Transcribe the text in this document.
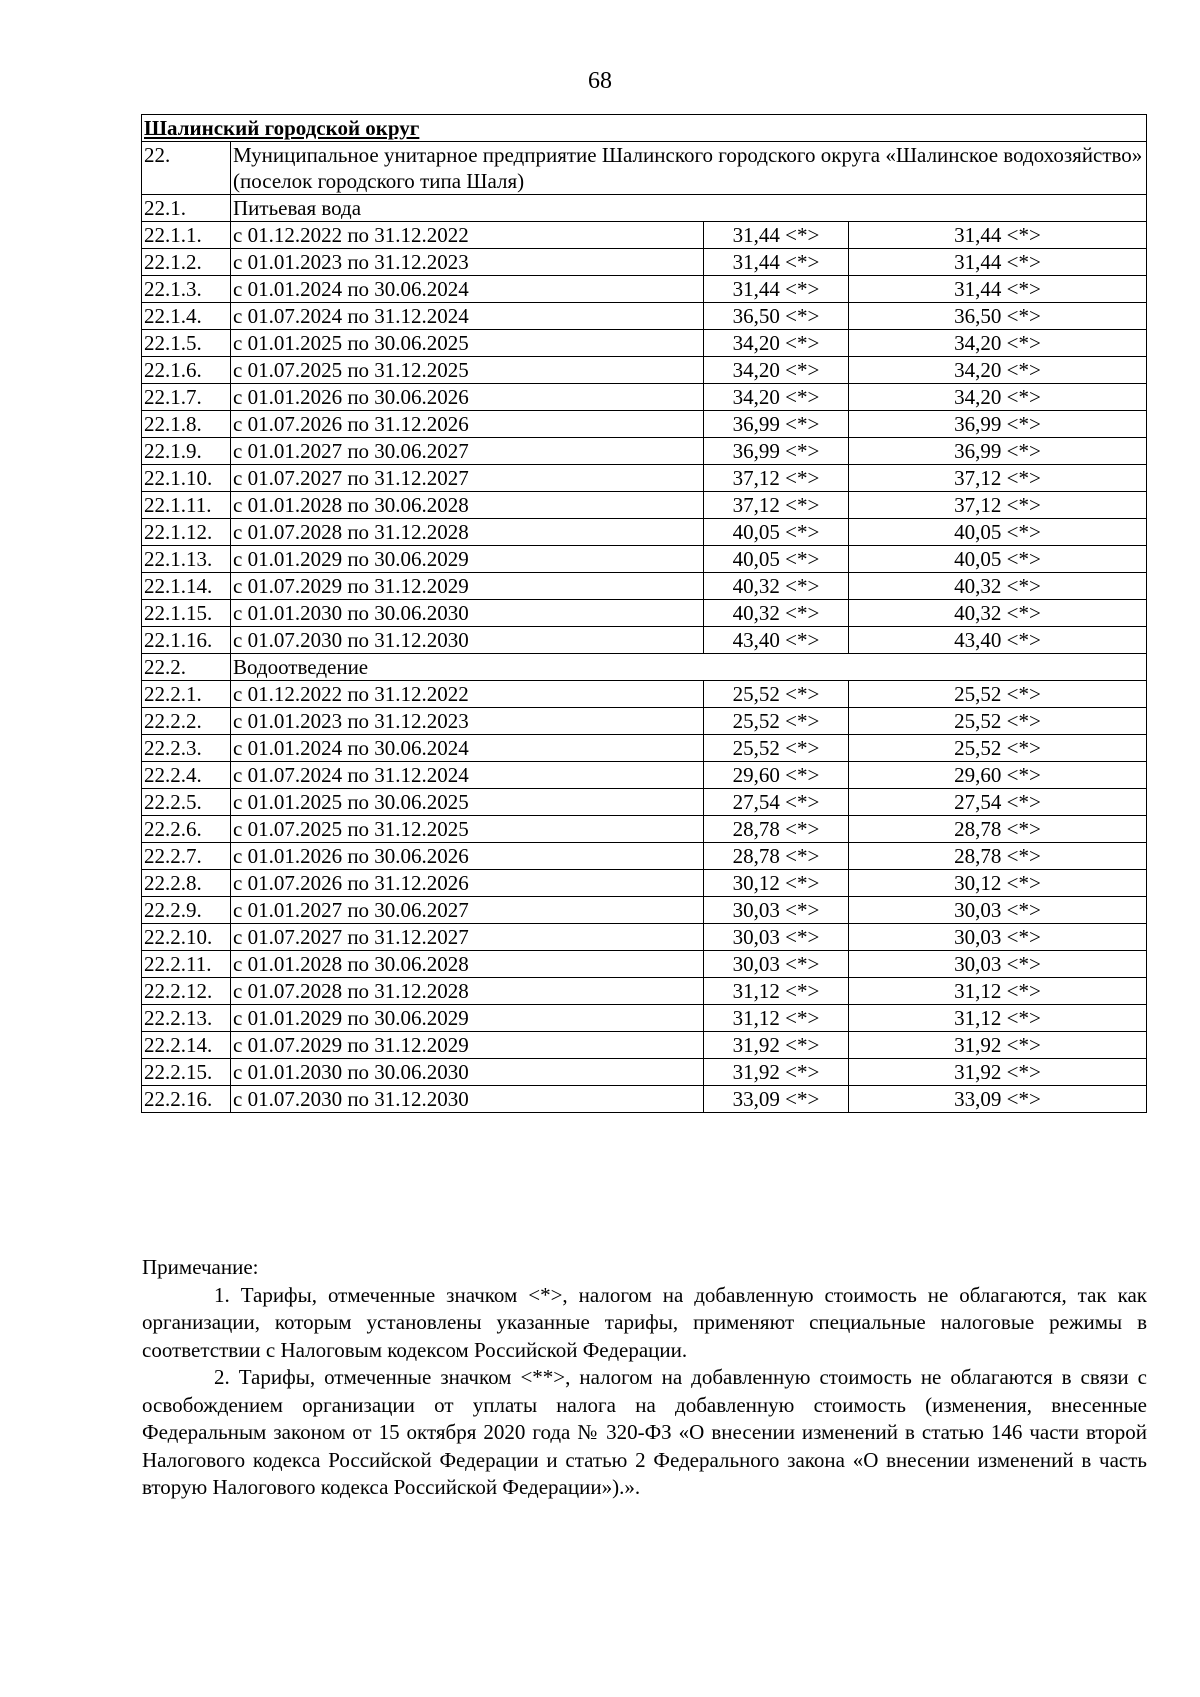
68
Шалинский городской округ			
22.	Муниципальное унитарное предприятие Шалинского городского округа «Шалинское водохозяйство» (поселок городского типа Шаля)		
22.1.	Питьевая вода		
22.1.1.	с 01.12.2022 по 31.12.2022	31,44 <*>	31,44 <*>
22.1.2.	с 01.01.2023 по 31.12.2023	31,44 <*>	31,44 <*>
22.1.3.	с 01.01.2024 по 30.06.2024	31,44 <*>	31,44 <*>
22.1.4.	с 01.07.2024 по 31.12.2024	36,50 <*>	36,50 <*>
22.1.5.	с 01.01.2025 по 30.06.2025	34,20 <*>	34,20 <*>
22.1.6.	с 01.07.2025 по 31.12.2025	34,20 <*>	34,20 <*>
22.1.7.	с 01.01.2026 по 30.06.2026	34,20 <*>	34,20 <*>
22.1.8.	с 01.07.2026 по 31.12.2026	36,99 <*>	36,99 <*>
22.1.9.	с 01.01.2027 по 30.06.2027	36,99 <*>	36,99 <*>
22.1.10.	с 01.07.2027 по 31.12.2027	37,12 <*>	37,12 <*>
22.1.11.	с 01.01.2028 по 30.06.2028	37,12 <*>	37,12 <*>
22.1.12.	с 01.07.2028 по 31.12.2028	40,05 <*>	40,05 <*>
22.1.13.	с 01.01.2029 по 30.06.2029	40,05 <*>	40,05 <*>
22.1.14.	с 01.07.2029 по 31.12.2029	40,32 <*>	40,32 <*>
22.1.15.	с 01.01.2030 по 30.06.2030	40,32 <*>	40,32 <*>
22.1.16.	с 01.07.2030 по 31.12.2030	43,40 <*>	43,40 <*>
22.2.	Водоотведение		
22.2.1.	с 01.12.2022 по 31.12.2022	25,52 <*>	25,52 <*>
22.2.2.	с 01.01.2023 по 31.12.2023	25,52 <*>	25,52 <*>
22.2.3.	с 01.01.2024 по 30.06.2024	25,52 <*>	25,52 <*>
22.2.4.	с 01.07.2024 по 31.12.2024	29,60 <*>	29,60 <*>
22.2.5.	с 01.01.2025 по 30.06.2025	27,54 <*>	27,54 <*>
22.2.6.	с 01.07.2025 по 31.12.2025	28,78 <*>	28,78 <*>
22.2.7.	с 01.01.2026 по 30.06.2026	28,78 <*>	28,78 <*>
22.2.8.	с 01.07.2026 по 31.12.2026	30,12 <*>	30,12 <*>
22.2.9.	с 01.01.2027 по 30.06.2027	30,03 <*>	30,03 <*>
22.2.10.	с 01.07.2027 по 31.12.2027	30,03 <*>	30,03 <*>
22.2.11.	с 01.01.2028 по 30.06.2028	30,03 <*>	30,03 <*>
22.2.12.	с 01.07.2028 по 31.12.2028	31,12 <*>	31,12 <*>
22.2.13.	с 01.01.2029 по 30.06.2029	31,12 <*>	31,12 <*>
22.2.14.	с 01.07.2029 по 31.12.2029	31,92 <*>	31,92 <*>
22.2.15.	с 01.01.2030 по 30.06.2030	31,92 <*>	31,92 <*>
22.2.16.	с 01.07.2030 по 31.12.2030	33,09 <*>	33,09 <*>

Примечание:

1. Тарифы, отмеченные значком <*>, налогом на добавленную стоимость не облагаются, так как организации, которым установлены указанные тарифы, применяют специальные налоговые режимы в соответствии с Налоговым кодексом Российской Федерации.

2. Тарифы, отмеченные значком <**>, налогом на добавленную стоимость не облагаются в связи с освобождением организации от уплаты налога на добавленную стоимость (изменения, внесенные Федеральным законом от 15 октября 2020 года № 320-ФЗ «О внесении изменений в статью 146 части второй Налогового кодекса Российской Федерации и статью 2 Федерального закона «О внесении изменений в часть вторую Налогового кодекса Российской Федерации»).».
